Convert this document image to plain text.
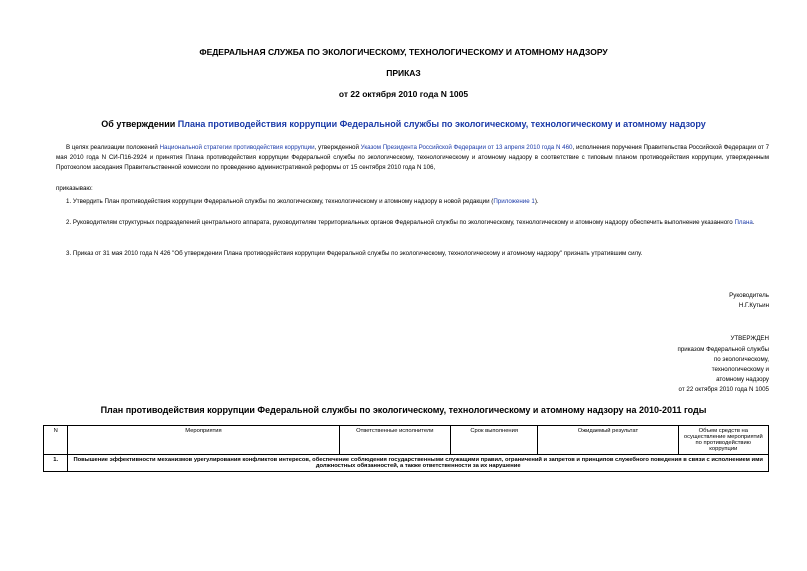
ФЕДЕРАЛЬНАЯ СЛУЖБА ПО ЭКОЛОГИЧЕСКОМУ, ТЕХНОЛОГИЧЕСКОМУ И АТОМНОМУ НАДЗОРУ
ПРИКАЗ
от 22 октября 2010 года N 1005
Об утверждении Плана противодействия коррупции Федеральной службы по экологическому, технологическому и атомному надзору
В целях реализации положений Национальной стратегии противодействия коррупции, утвержденной Указом Президента Российской Федерации от 13 апреля 2010 года N 460, исполнения поручения Правительства Российской Федерации от 7 мая 2010 года N СИ-П16-2924 и принятия Плана противодействия коррупции Федеральной службы по экологическому, технологическому и атомному надзору в соответствие с типовым планом противодействия коррупции, утвержденным Протоколом заседания Правительственной комиссии по проведению административной реформы от 15 сентября 2010 года N 106,
приказываю:
1. Утвердить План противодействия коррупции Федеральной службы по экологическому, технологическому и атомному надзору в новой редакции (Приложение 1).
2. Руководителям структурных подразделений центрального аппарата, руководителям территориальных органов Федеральной службы по экологическому, технологическому и атомному надзору обеспечить выполнение указанного Плана.
3. Приказ от 31 мая 2010 года N 426 "Об утверждении Плана противодействия коррупции Федеральной службы по экологическому, технологическому и атомному надзору" признать утратившим силу.
Руководитель
Н.Г.Кутьин
УТВЕРЖДЕН
приказом Федеральной службы
по экологическому,
технологическому и
атомному надзору
от 22 октября 2010 года N 1005
План противодействия коррупции Федеральной службы по экологическому, технологическому и атомному надзору на 2010-2011 годы
N	Мероприятия	Ответственные исполнители	Срок выполнения	Ожидаемый результат	Объем средств на осуществление мероприятий по противодействию коррупции
1.	Повышение эффективности механизмов урегулирования конфликтов интересов, обеспечение соблюдения государственными служащими правил, ограничений и запретов и принципов служебного поведения в связи с исполнением ими должностных обязанностей, а также ответственности за их нарушение				
